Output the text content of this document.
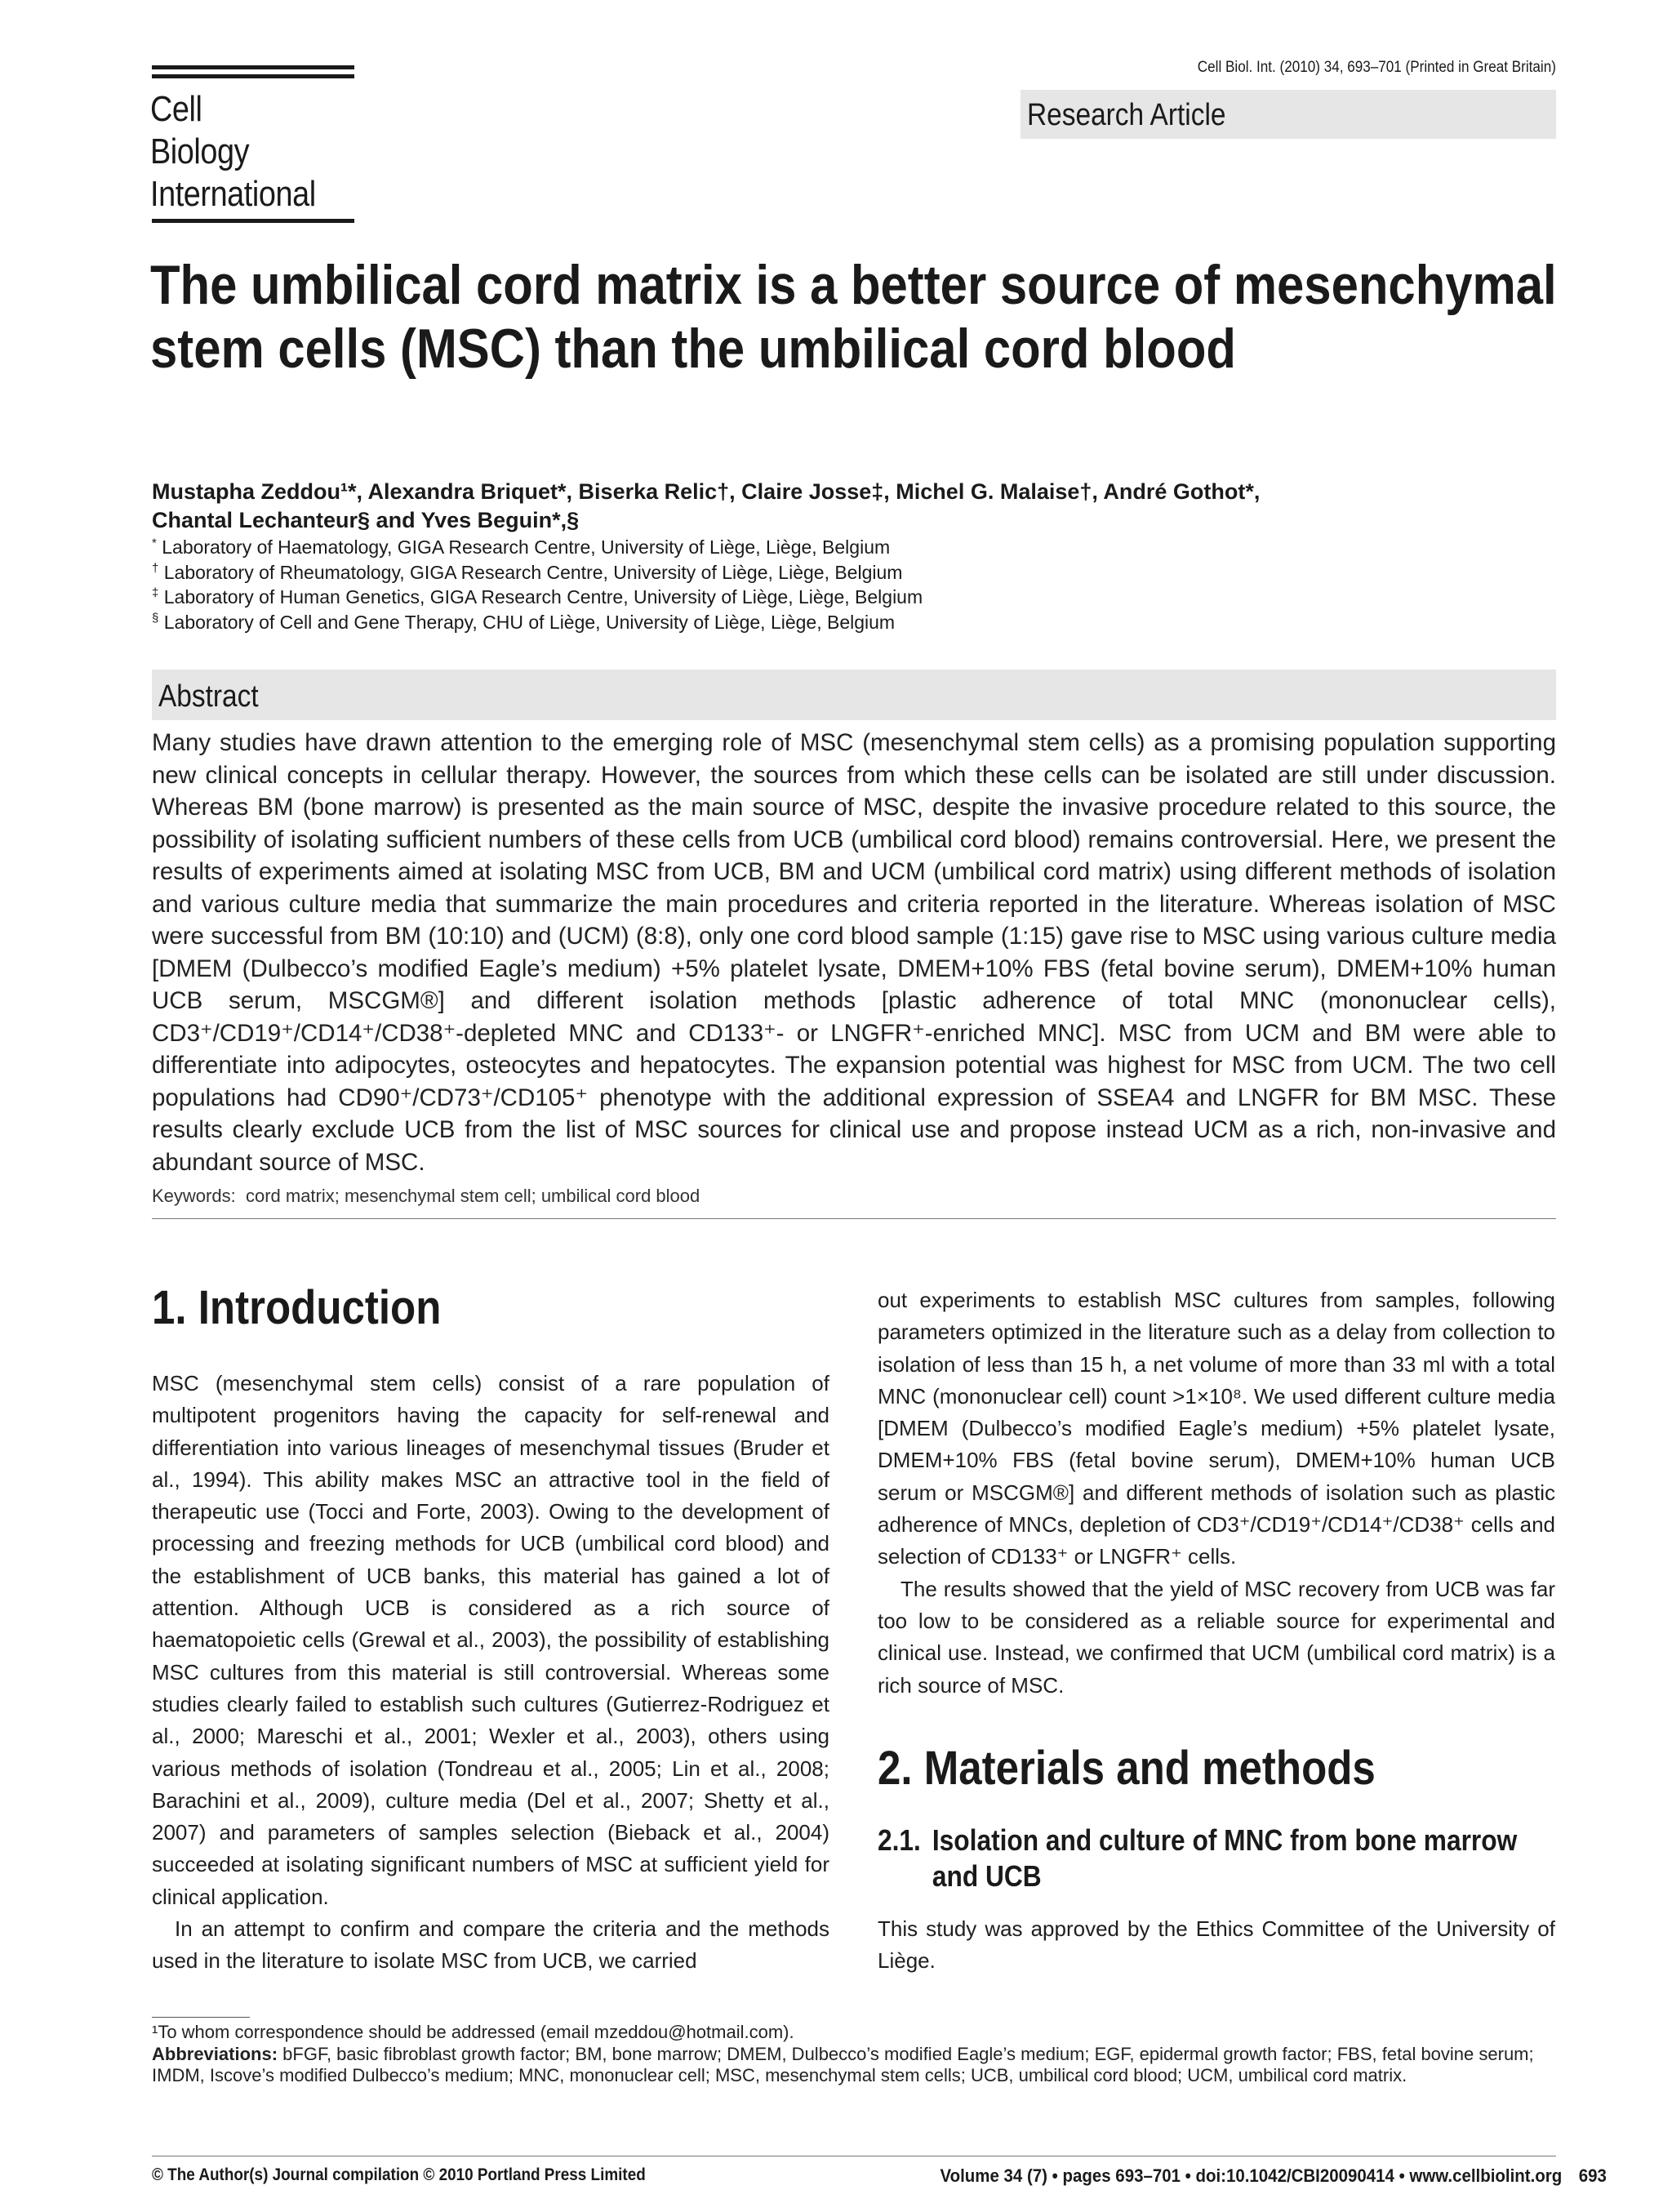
Cell
Biology
International
Cell Biol. Int. (2010) 34, 693–701 (Printed in Great Britain)
Research Article
The umbilical cord matrix is a better source of mesenchymal stem cells (MSC) than the umbilical cord blood
Mustapha Zeddou¹*, Alexandra Briquet*, Biserka Relic†, Claire Josse‡, Michel G. Malaise†, André Gothot*,
Chantal Lechanteur§ and Yves Beguin*,§
* Laboratory of Haematology, GIGA Research Centre, University of Liège, Liège, Belgium
† Laboratory of Rheumatology, GIGA Research Centre, University of Liège, Liège, Belgium
‡ Laboratory of Human Genetics, GIGA Research Centre, University of Liège, Liège, Belgium
§ Laboratory of Cell and Gene Therapy, CHU of Liège, University of Liège, Liège, Belgium
Abstract

Many studies have drawn attention to the emerging role of MSC (mesenchymal stem cells) as a promising population supporting new clinical concepts in cellular therapy. However, the sources from which these cells can be isolated are still under discussion. Whereas BM (bone marrow) is presented as the main source of MSC, despite the invasive procedure related to this source, the possibility of isolating sufficient numbers of these cells from UCB (umbilical cord blood) remains controversial. Here, we present the results of experiments aimed at isolating MSC from UCB, BM and UCM (umbilical cord matrix) using different methods of isolation and various culture media that summarize the main procedures and criteria reported in the literature. Whereas isolation of MSC were successful from BM (10:10) and (UCM) (8:8), only one cord blood sample (1:15) gave rise to MSC using various culture media [DMEM (Dulbecco’s modified Eagle’s medium) +5% platelet lysate, DMEM+10% FBS (fetal bovine serum), DMEM+10% human UCB serum, MSCGM®] and different isolation methods [plastic adherence of total MNC (mononuclear cells), CD3⁺/CD19⁺/CD14⁺/CD38⁺-depleted MNC and CD133⁺- or LNGFR⁺-enriched MNC]. MSC from UCM and BM were able to differentiate into adipocytes, osteocytes and hepatocytes. The expansion potential was highest for MSC from UCM. The two cell populations had CD90⁺/CD73⁺/CD105⁺ phenotype with the additional expression of SSEA4 and LNGFR for BM MSC. These results clearly exclude UCB from the list of MSC sources for clinical use and propose instead UCM as a rich, non-invasive and abundant source of MSC.

Keywords: cord matrix; mesenchymal stem cell; umbilical cord blood
1. Introduction

MSC (mesenchymal stem cells) consist of a rare population of multipotent progenitors having the capacity for self-renewal and differentiation into various lineages of mesenchymal tissues (Bruder et al., 1994). This ability makes MSC an attractive tool in the field of therapeutic use (Tocci and Forte, 2003). Owing to the development of processing and freezing methods for UCB (umbilical cord blood) and the establishment of UCB banks, this material has gained a lot of attention. Although UCB is considered as a rich source of haematopoietic cells (Grewal et al., 2003), the possibility of establishing MSC cultures from this material is still controversial. Whereas some studies clearly failed to establish such cultures (Gutierrez-Rodriguez et al., 2000; Mareschi et al., 2001; Wexler et al., 2003), others using various methods of isolation (Tondreau et al., 2005; Lin et al., 2008; Barachini et al., 2009), culture media (Del et al., 2007; Shetty et al., 2007) and parameters of samples selection (Bieback et al., 2004) succeeded at isolating significant numbers of MSC at sufficient yield for clinical application.

In an attempt to confirm and compare the criteria and the methods used in the literature to isolate MSC from UCB, we carried

out experiments to establish MSC cultures from samples, following parameters optimized in the literature such as a delay from collection to isolation of less than 15 h, a net volume of more than 33 ml with a total MNC (mononuclear cell) count >1×10⁸. We used different culture media [DMEM (Dulbecco’s modified Eagle’s medium) +5% platelet lysate, DMEM+10% FBS (fetal bovine serum), DMEM+10% human UCB serum or MSCGM®] and different methods of isolation such as plastic adherence of MNCs, depletion of CD3⁺/CD19⁺/CD14⁺/CD38⁺ cells and selection of CD133⁺ or LNGFR⁺ cells.

The results showed that the yield of MSC recovery from UCB was far too low to be considered as a reliable source for experimental and clinical use. Instead, we confirmed that UCM (umbilical cord matrix) is a rich source of MSC.

2. Materials and methods
2.1. Isolation and culture of MNC from bone marrow
and UCB

This study was approved by the Ethics Committee of the University of Liège.

¹To whom correspondence should be addressed (email mzeddou@hotmail.com).

Abbreviations: bFGF, basic fibroblast growth factor; BM, bone marrow; DMEM, Dulbecco’s modified Eagle’s medium; EGF, epidermal growth factor; FBS, fetal bovine serum; IMDM, Iscove’s modified Dulbecco’s medium; MNC, mononuclear cell; MSC, mesenchymal stem cells; UCB, umbilical cord blood; UCM, umbilical cord matrix.

© The Author(s) Journal compilation © 2010 Portland Press Limited	Volume 34 (7) • pages 693–701 • doi:10.1042/CBI20090414 • www.cellbiolint.org 693
